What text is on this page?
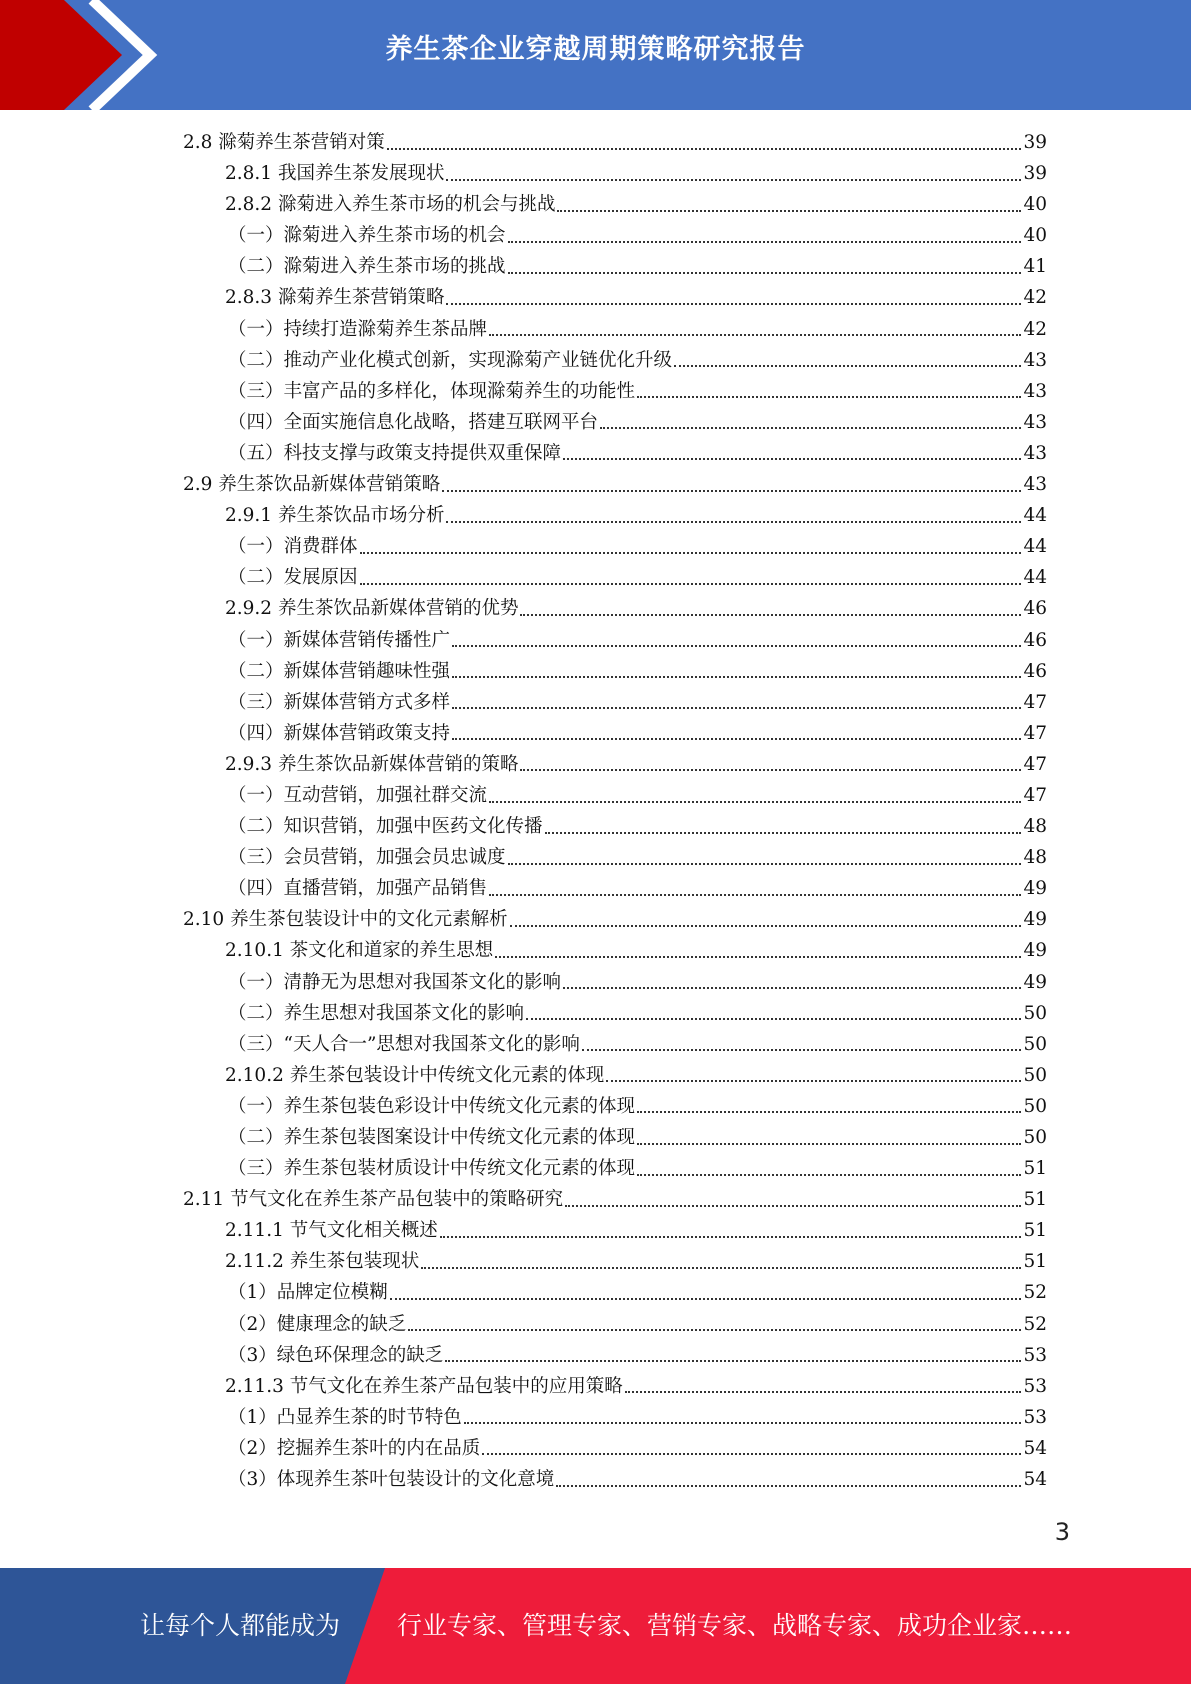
养生茶企业穿越周期策略研究报告
2.8 滁菊养生茶营销对策	39
2.8.1 我国养生茶发展现状	39
2.8.2 滁菊进入养生茶市场的机会与挑战	40
（一）滁菊进入养生茶市场的机会	40
（二）滁菊进入养生茶市场的挑战	41
2.8.3 滁菊养生茶营销策略	42
（一）持续打造滁菊养生茶品牌	42
（二）推动产业化模式创新，实现滁菊产业链优化升级	43
（三）丰富产品的多样化，体现滁菊养生的功能性	43
（四）全面实施信息化战略，搭建互联网平台	43
（五）科技支撑与政策支持提供双重保障	43
2.9 养生茶饮品新媒体营销策略	43
2.9.1 养生茶饮品市场分析	44
（一）消费群体	44
（二）发展原因	44
2.9.2 养生茶饮品新媒体营销的优势	46
（一）新媒体营销传播性广	46
（二）新媒体营销趣味性强	46
（三）新媒体营销方式多样	47
（四）新媒体营销政策支持	47
2.9.3 养生茶饮品新媒体营销的策略	47
（一）互动营销，加强社群交流	47
（二）知识营销，加强中医药文化传播	48
（三）会员营销，加强会员忠诚度	48
（四）直播营销，加强产品销售	49
2.10 养生茶包装设计中的文化元素解析	49
2.10.1 茶文化和道家的养生思想	49
（一）清静无为思想对我国茶文化的影响	49
（二）养生思想对我国茶文化的影响	50
（三）“天人合一”思想对我国茶文化的影响	50
2.10.2 养生茶包装设计中传统文化元素的体现	50
（一）养生茶包装色彩设计中传统文化元素的体现	50
（二）养生茶包装图案设计中传统文化元素的体现	50
（三）养生茶包装材质设计中传统文化元素的体现	51
2.11 节气文化在养生茶产品包装中的策略研究	51
2.11.1 节气文化相关概述	51
2.11.2 养生茶包装现状	51
（1）品牌定位模糊	52
（2）健康理念的缺乏	52
（3）绿色环保理念的缺乏	53
2.11.3 节气文化在养生茶产品包装中的应用策略	53
（1）凸显养生茶的时节特色	53
（2）挖掘养生茶叶的内在品质	54
（3）体现养生茶叶包装设计的文化意境	54
3
让每个人都能成为 行业专家、管理专家、营销专家、战略专家、成功企业家……
